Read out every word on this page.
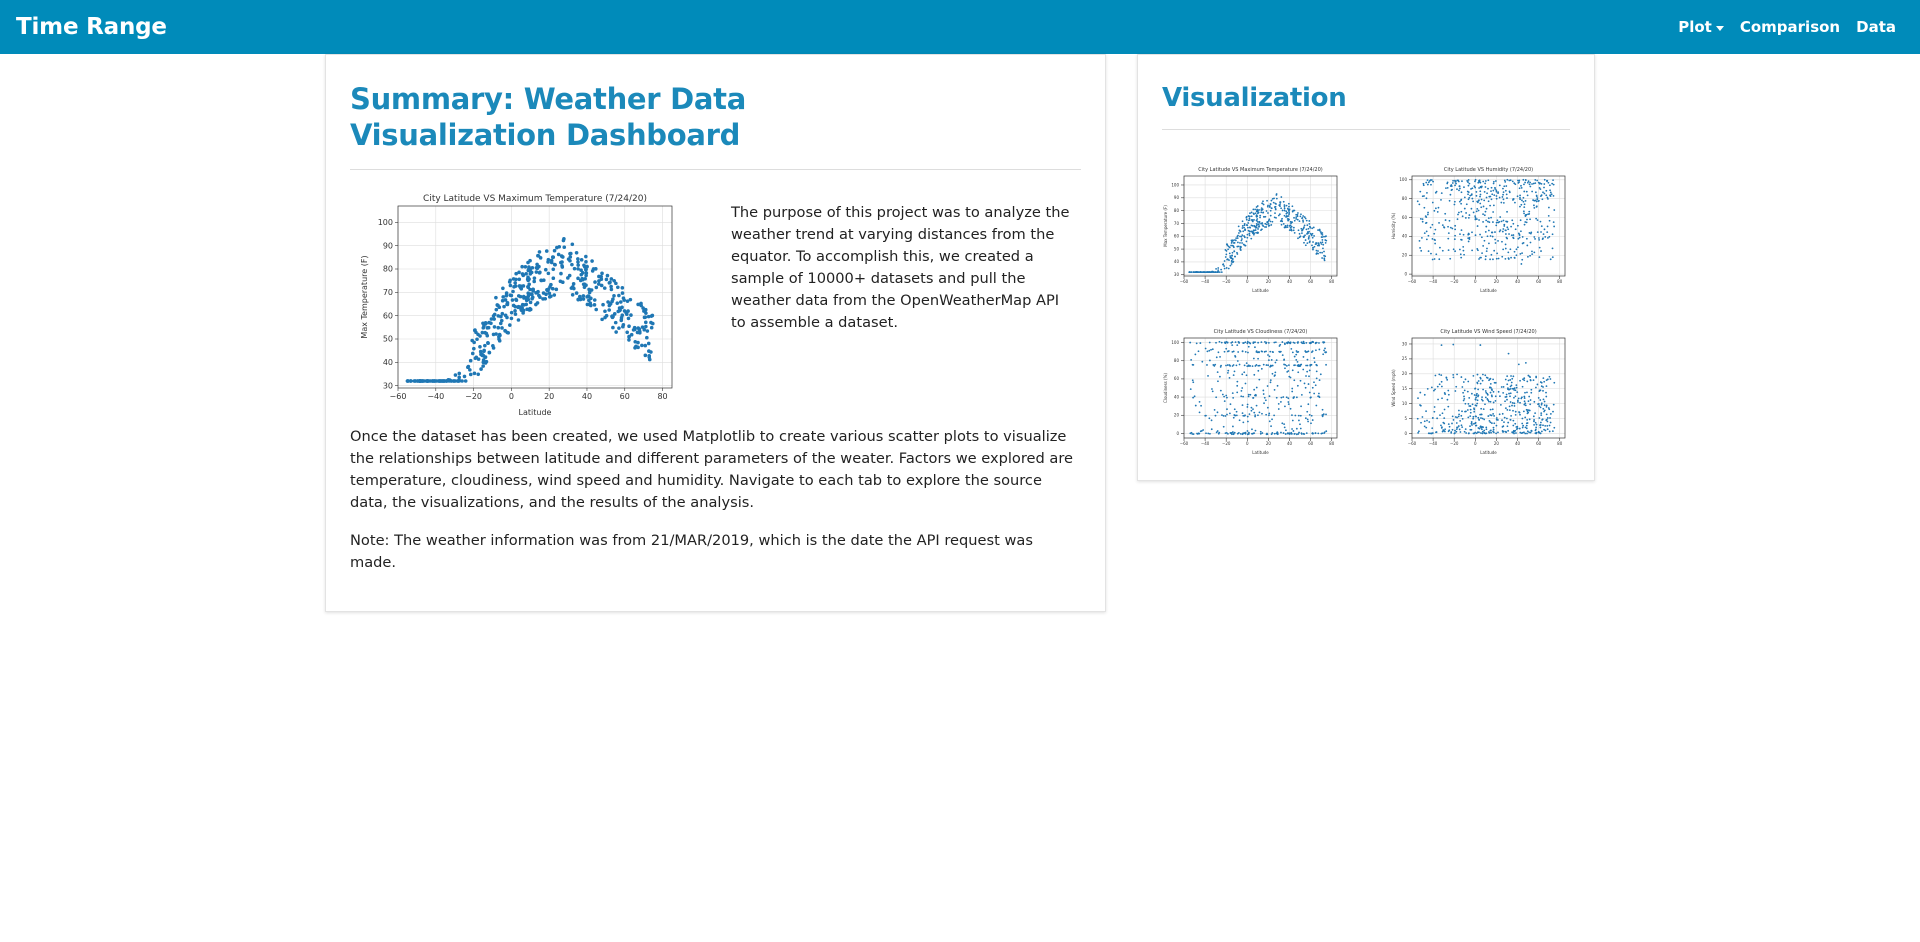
Time Range	Plot	Comparison	Data
Summary: Weather Data Visualization Dashboard
City Latitude VS Maximum Temperature (7/24/20)
−60	−40	−20	0	20	40	60	80
30
40
50
60
70
80
90
100
Latitude
Max Temperature (F)

The purpose of this project was to analyze the weather trend at varying distances from the equator. To accomplish this, we created a sample of 10000+ datasets and pull the weather data from the OpenWeatherMap API to assemble a dataset.

Once the dataset has been created, we used Matplotlib to create various scatter plots to visualize the relationships between latitude and different parameters of the weater. Factors we explored are temperature, cloudiness, wind speed and humidity. Navigate to each tab to explore the source data, the visualizations, and the results of the analysis.

Note: The weather information was from 21/MAR/2019, which is the date the API request was made.

Visualization
City Latitude VS Maximum Temperature (7/24/20)
−60	−40	−20	0	20	40	60	80
30
40
50
60
70
80
90
100
Latitude
Max Temperature (F)
City Latitude VS Humidity (7/24/20)
−60	−40	−20	0	20	40	60	80
0
20
40
60
80
100
Latitude
Humidity (%)
City Latitude VS Cloudiness (7/24/20)
−60	−40	−20	0	20	40	60	80
0
20
40
60
80
100
Latitude
Cloudiness (%)
City Latitude VS Wind Speed (7/24/20)
−60	−40	−20	0	20	40	60	80
0
5
10
15
20
25
30
Latitude
Wind Speed (mph)
